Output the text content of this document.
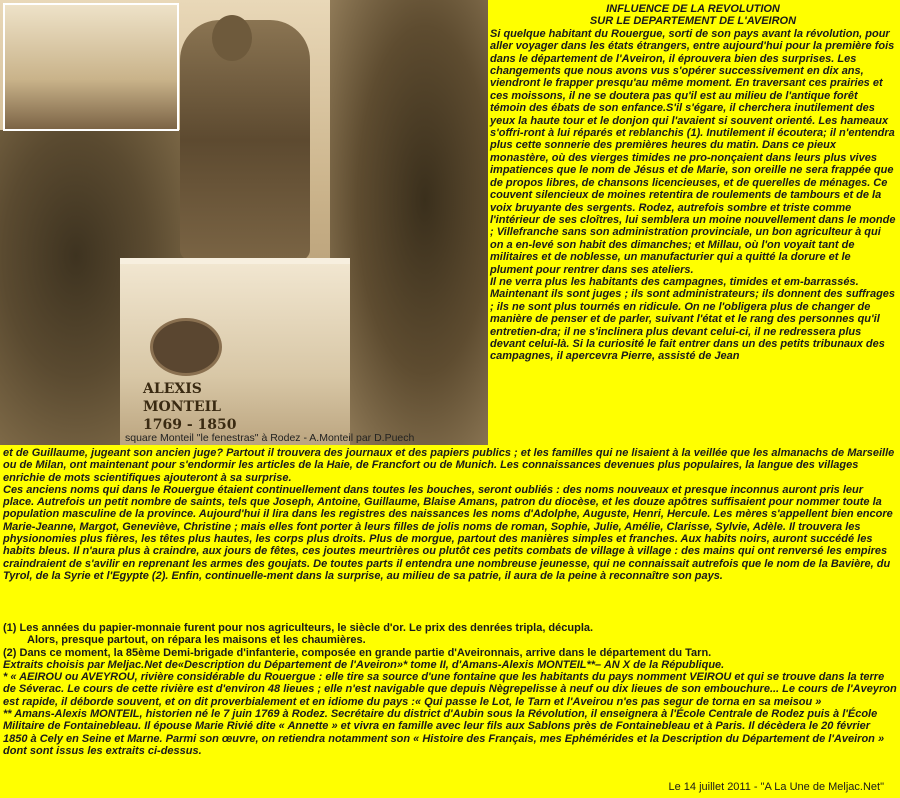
ALEXIS
MONTEIL
1769 - 1850
square Monteil "le fenestras" à Rodez - A.Monteil par D.Puech
INFLUENCE DE LA REVOLUTION
SUR LE DEPARTEMENT DE L'AVEIRON

Si quelque habitant du Rouergue, sorti de son pays avant la révolution, pour aller voyager dans les états étrangers, entre aujourd'hui pour la première fois dans le département de l'Aveiron, il éprouvera bien des surprises. Les changements que nous avons vus s'opérer successivement en dix ans, viendront le frapper presqu'au même moment. En traversant ces prairies et ces moissons, il ne se doutera pas qu'il est au milieu de l'antique forêt témoin des ébats de son enfance.S'il s'égare, il cherchera inutilement des yeux la haute tour et le donjon qui l'avaient si souvent orienté. Les hameaux s'offri-ront à lui réparés et reblanchis (1). Inutilement il écoutera; il n'entendra plus cette sonnerie des premières heures du matin. Dans ce pieux monastère, où des vierges timides ne pro-nonçaient dans leurs plus vives impatiences que le nom de Jésus et de Marie, son oreille ne sera frappée que de propos libres, de chansons licencieuses, et de querelles de ménages. Ce couvent silencieux de moines retentira de roulements de tambours et de la voix bruyante des sergents. Rodez, autrefois sombre et triste comme l'intérieur de ses cloîtres, lui semblera un moine nouvellement dans le monde ; Villefranche sans son administration provinciale, un bon agriculteur à qui on a en-levé son habit des dimanches; et Millau, où l'on voyait tant de militaires et de noblesse, un manufacturier qui a quitté la dorure et le plument pour rentrer dans ses ateliers.

Il ne verra plus les habitants des campagnes, timides et em-barrassés. Maintenant ils sont juges ; ils sont administrateurs; ils donnent des suffrages ; ils ne sont plus tournés en ridicule. On ne l'obligera plus de changer de manière de penser et de parler, suivant l'état et le rang des personnes qu'il entretien-dra; il ne s'inclinera plus devant celui-ci, il ne redressera plus devant celui-là. Si la curiosité le fait entrer dans un des petits tribunaux des campagnes, il apercevra Pierre, assisté de Jean

et de Guillaume, jugeant son ancien juge? Partout il trouvera des journaux et des papiers publics ; et les familles qui ne lisaient à la veillée que les almanachs de Marseille ou de Milan, ont maintenant pour s'endormir les articles de la Haie, de Francfort ou de Munich. Les connaissances devenues plus populaires, la langue des villages enrichie de mots scientifiques ajouteront à sa surprise.

Ces anciens noms qui dans le Rouergue étaient continuellement dans toutes les bouches, seront oubliés : des noms nouveaux et presque inconnus auront pris leur place. Autrefois un petit nombre de saints, tels que Joseph, Antoine, Guillaume, Blaise Amans, patron du diocèse, et les douze apôtres suffisaient pour nommer toute la population masculine de la province. Aujourd'hui il lira dans les registres des naissances les noms d'Adolphe, Auguste, Henri, Hercule. Les mères s'appellent bien encore Marie-Jeanne, Margot, Geneviève, Christine ; mais elles font porter à leurs filles de jolis noms de roman, Sophie, Julie, Amélie, Clarisse, Sylvie, Adèle. Il trouvera les physionomies plus fières, les têtes plus hautes, les corps plus droits. Plus de morgue, partout des manières simples et franches. Aux habits noirs, auront succédé les habits bleus. Il n'aura plus à craindre, aux jours de fêtes, ces joutes meurtrières ou plutôt ces petits combats de village à village : des mains qui ont renversé les empires craindraient de s'avilir en reprenant les armes des goujats. De toutes parts il entendra une nombreuse jeunesse, qui ne connaissait autrefois que le nom de la Bavière, du Tyrol, de la Syrie et l'Egypte (2). Enfin, continuelle-ment dans la surprise, au milieu de sa patrie, il aura de la peine à reconnaître son pays.

(1) Les années du papier-monnaie furent pour nos agriculteurs, le siècle d'or. Le prix des denrées tripla, décupla.

Alors, presque partout, on répara les maisons et les chaumières.

(2) Dans ce moment, la 85ème Demi-brigade d'infanterie, composée en grande partie d'Aveironnais, arrive dans le département du Tarn.

Extraits choisis par Meljac.Net de«Description du Département de l'Aveiron»* tome II, d'Amans-Alexis MONTEIL**– AN X de la République.

* « AEIROU ou AVEYROU, rivière considérable du Rouergue : elle tire sa source d'une fontaine que les habitants du pays nomment VEIROU et qui se trouve dans la terre de Séverac. Le cours de cette rivière est d'environ 48 lieues ; elle n'est navigable que depuis Nègrepelisse à neuf ou dix lieues de son embouchure... Le cours de l'Aveyron est rapide, il déborde souvent, et on dit proverbialement et en idiome du pays :« Qui passe le Lot, le Tarn et l'Aveirou n'es pas segur de torna en sa meisou »

** Amans-Alexis MONTEIL, historien né le 7 juin 1769 à Rodez. Secrétaire du district d'Aubin sous la Révolution, il enseignera à l'École Centrale de Rodez puis à l'École Militaire de Fontainebleau. Il épouse Marie Rivié dite « Annette » et vivra en famille avec leur fils aux Sablons près de Fontainebleau et à Paris. Il décèdera le 20 février 1850 à Cely en Seine et Marne. Parmi son œuvre, on retiendra notamment son « Histoire des Français, mes Ephémérides et la Description du Département de l'Aveiron » dont sont issus les extraits ci-dessus.

Le 14 juillet 2011 - "A La Une de Meljac.Net"
